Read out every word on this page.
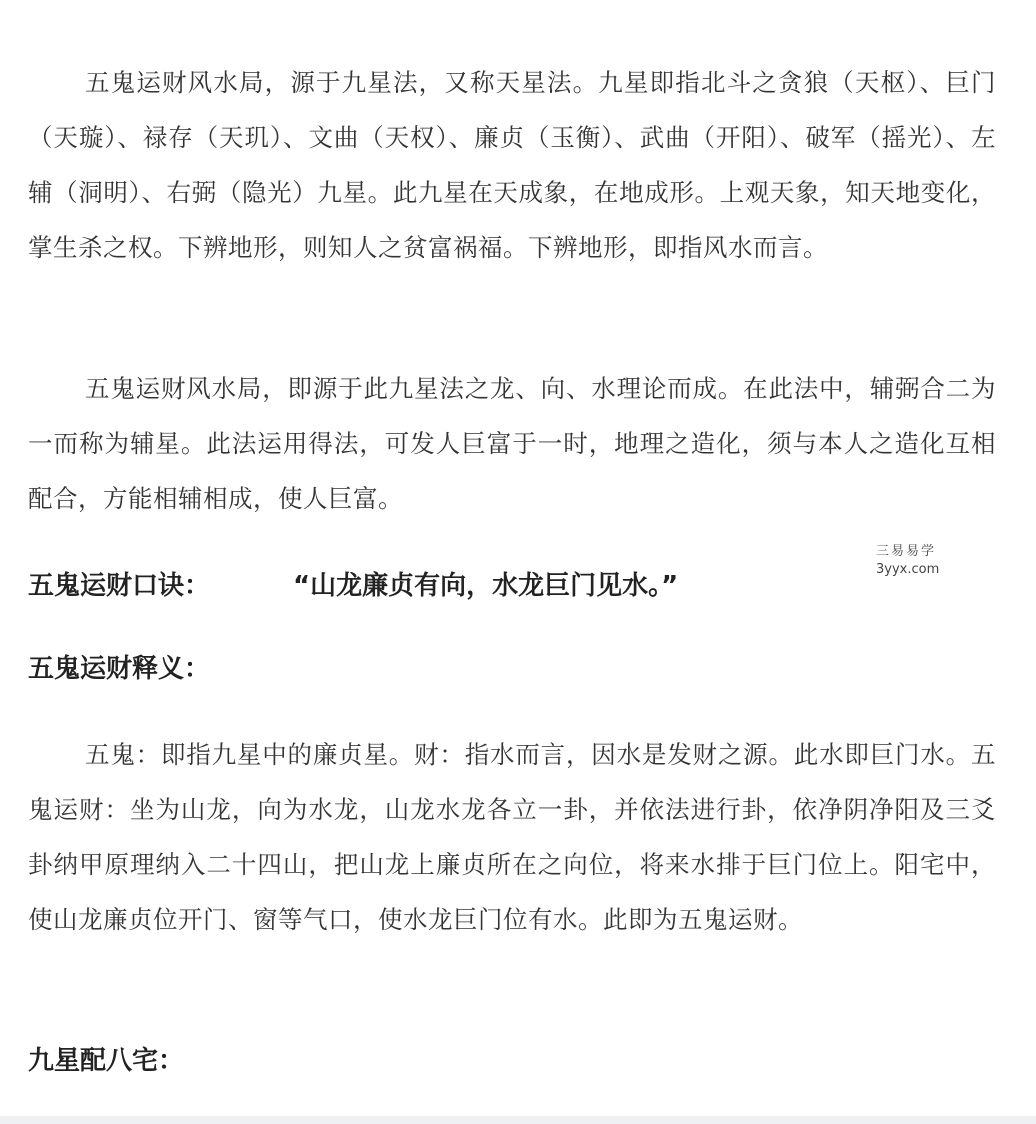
五鬼运财风水局，源于九星法，又称天星法。九星即指北斗之贪狼（天枢）、巨门（天璇）、禄存（天玑）、文曲（天权）、廉贞（玉衡）、武曲（开阳）、破军（摇光）、左辅（洞明）、右弼（隐光）九星。此九星在天成象，在地成形。上观天象，知天地变化，掌生杀之权。下辨地形，则知人之贫富祸福。下辨地形，即指风水而言。

五鬼运财风水局，即源于此九星法之龙、向、水理论而成。在此法中，辅弼合二为一而称为辅星。此法运用得法，可发人巨富于一时，地理之造化，须与本人之造化互相配合，方能相辅相成，使人巨富。

五鬼运财口诀：	“山龙廉贞有向，水龙巨门见水。”
三易易学
3yyx.com
五鬼运财释义：

五鬼：即指九星中的廉贞星。财：指水而言，因水是发财之源。此水即巨门水。五鬼运财：坐为山龙，向为水龙，山龙水龙各立一卦，并依法进行卦，依净阴净阳及三爻卦纳甲原理纳入二十四山，把山龙上廉贞所在之向位，将来水排于巨门位上。阳宅中，使山龙廉贞位开门、窗等气口，使水龙巨门位有水。此即为五鬼运财。

九星配八宅：
